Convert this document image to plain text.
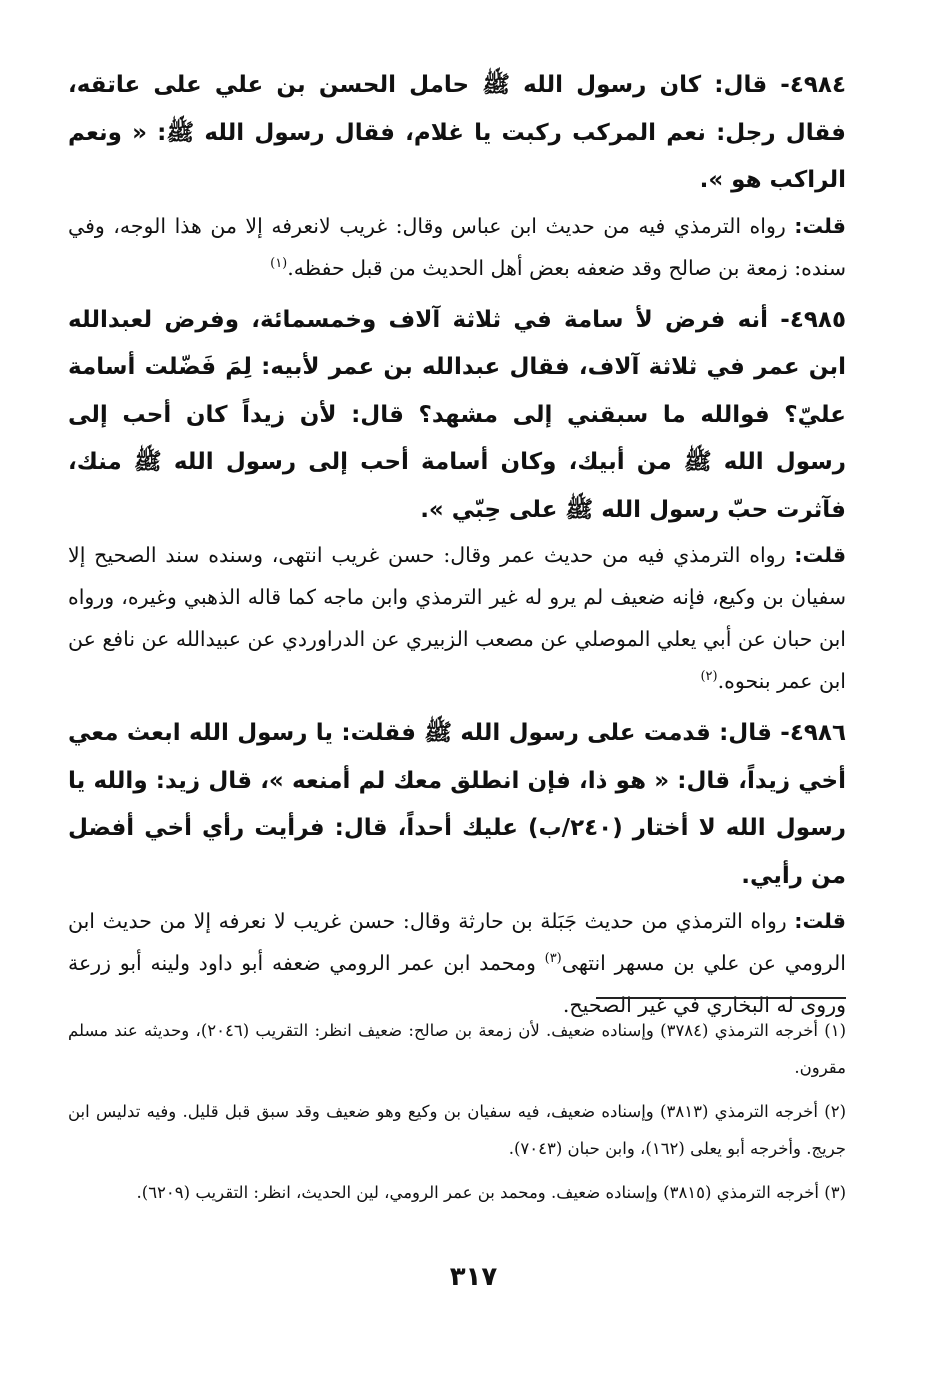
٤٩٨٤- قال: كان رسول الله ﷺ حامل الحسن بن علي على عاتقه، فقال رجل: نعم المركب ركبت يا غلام، فقال رسول الله ﷺ: « ونعم الراكب هو ».

قلت: رواه الترمذي فيه من حديث ابن عباس وقال: غريب لانعرفه إلا من هذا الوجه، وفي سنده: زمعة بن صالح وقد ضعفه بعض أهل الحديث من قبل حفظه.$^{(١)}$

٤٩٨٥- أنه فرض لأ سامة في ثلاثة آلاف وخمسمائة، وفرض لعبدالله ابن عمر في ثلاثة آلاف، فقال عبدالله بن عمر لأبيه: لِمَ فَضّلت أسامة عليّ؟ فوالله ما سبقني إلى مشهد؟ قال: لأن زيداً كان أحب إلى رسول الله ﷺ من أبيك، وكان أسامة أحب إلى رسول الله ﷺ منك، فآثرت حبّ رسول الله ﷺ على حِبّي ».

قلت: رواه الترمذي فيه من حديث عمر وقال: حسن غريب انتهى، وسنده سند الصحيح إلا سفيان بن وكيع، فإنه ضعيف لم يرو له غير الترمذي وابن ماجه كما قاله الذهبي وغيره، ورواه ابن حبان عن أبي يعلي الموصلي عن مصعب الزبيري عن الدراوردي عن عبيدالله عن نافع عن ابن عمر بنحوه.$^{(٢)}$

٤٩٨٦- قال: قدمت على رسول الله ﷺ فقلت: يا رسول الله ابعث معي أخي زيداً، قال: « هو ذا، فإن انطلق معك لم أمنعه »، قال زيد: والله يا رسول الله لا أختار (٢٤٠/ب) عليك أحداً، قال: فرأيت رأي أخي أفضل من رأيي.

قلت: رواه الترمذي من حديث جَبَلة بن حارثة وقال: حسن غريب لا نعرفه إلا من حديث ابن الرومي عن علي بن مسهر انتهى$^{(٣)}$ ومحمد ابن عمر الرومي ضعفه أبو داود ولينه أبو زرعة وروى له البخاري في غير الصحيح.

(١) أخرجه الترمذي (٣٧٨٤) وإسناده ضعيف. لأن زمعة بن صالح: ضعيف انظر: التقريب (٢٠٤٦)، وحديثه عند مسلم مقرون.

(٢) أخرجه الترمذي (٣٨١٣) وإسناده ضعيف، فيه سفيان بن وكيع وهو ضعيف وقد سبق قبل قليل. وفيه تدليس ابن جريج. وأخرجه أبو يعلى (١٦٢)، وابن حبان (٧٠٤٣).

(٣) أخرجه الترمذي (٣٨١٥) وإسناده ضعيف. ومحمد بن عمر الرومي، لين الحديث، انظر: التقريب (٦٢٠٩).

٣١٧
